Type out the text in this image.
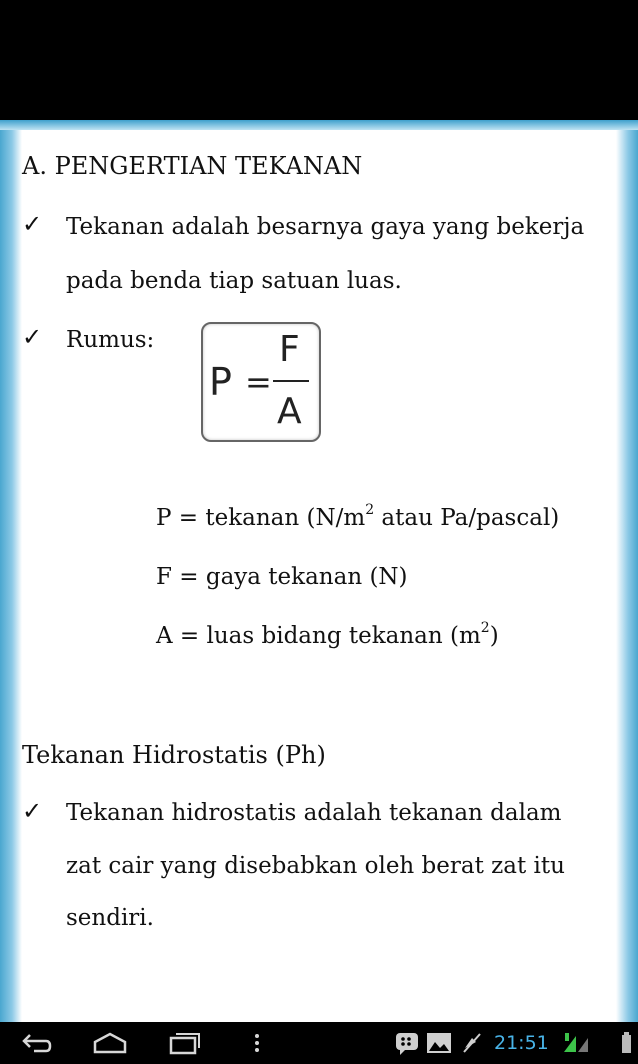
A. PENGERTIAN TEKANAN
✓ Tekanan adalah besarnya gaya yang bekerja
pada benda tiap satuan luas.
✓ Rumus:
P =
F
A
P = tekanan ($N/m^2$ atau Pa/pascal)
F = gaya tekanan (N)
A = luas bidang tekanan $(m^2)$
Tekanan Hidrostatis (Ph)
✓ Tekanan hidrostatis adalah tekanan dalam
zat cair yang disebabkan oleh berat zat itu
sendiri.
21:51
